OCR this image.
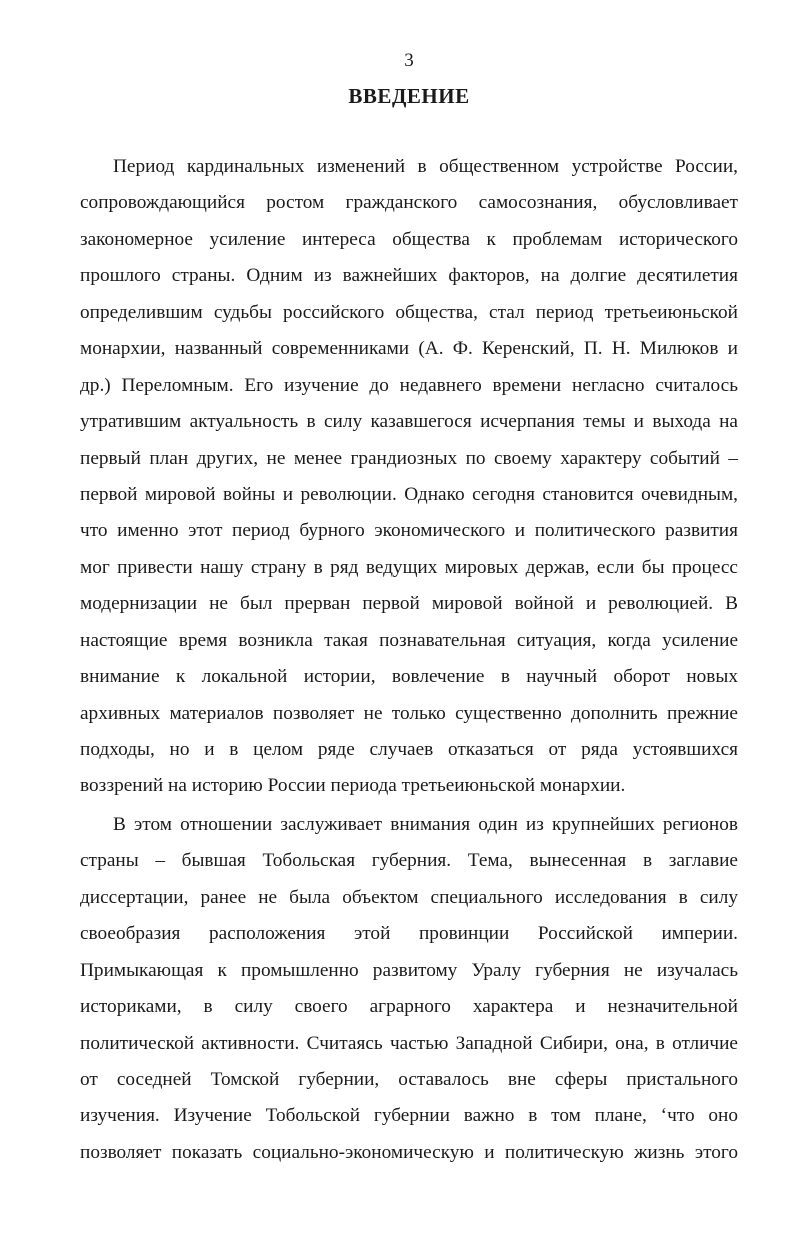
3
ВВЕДЕНИЕ
Период кардинальных изменений в общественном устройстве России,
сопровождающийся ростом гражданского самосознания, обусловливает
закономерное усиление интереса общества к проблемам исторического
прошлого страны. Одним из важнейших факторов, на долгие десятилетия
определившим судьбы российского общества, стал период третьеиюньской
монархии, названный современниками (А. Ф. Керенский, П. Н. Милюков и
др.) Переломным. Его изучение до недавнего времени негласно считалось
утратившим актуальность в силу казавшегося исчерпания темы и выхода на
первый план других, не менее грандиозных по своему характеру событий –
первой мировой войны и революции. Однако сегодня становится очевидным,
что именно этот период бурного экономического и политического развития
мог привести нашу страну в ряд ведущих мировых держав, если бы процесс
модернизации не был прерван первой мировой войной и революцией. В
настоящие время возникла такая познавательная ситуация, когда усиление
внимание к локальной истории, вовлечение в научный оборот новых
архивных материалов позволяет не только существенно дополнить прежние
подходы, но и в целом ряде случаев отказаться от ряда устоявшихся
воззрений на историю России периода третьеиюньской монархии.
В этом отношении заслуживает внимания один из крупнейших регионов
страны – бывшая Тобольская губерния. Тема, вынесенная в заглавие
диссертации, ранее не была объектом специального исследования в силу
своеобразия расположения этой провинции Российской империи.
Примыкающая к промышленно развитому Уралу губерния не изучалась
историками, в силу своего аграрного характера и незначительной
политической активности. Считаясь частью Западной Сибири, она, в отличие
от соседней Томской губернии, оставалось вне сферы пристального
изучения. Изучение Тобольской губернии важно в том плане, ʻчто оно
позволяет показать социально-экономическую и политическую жизнь этого
